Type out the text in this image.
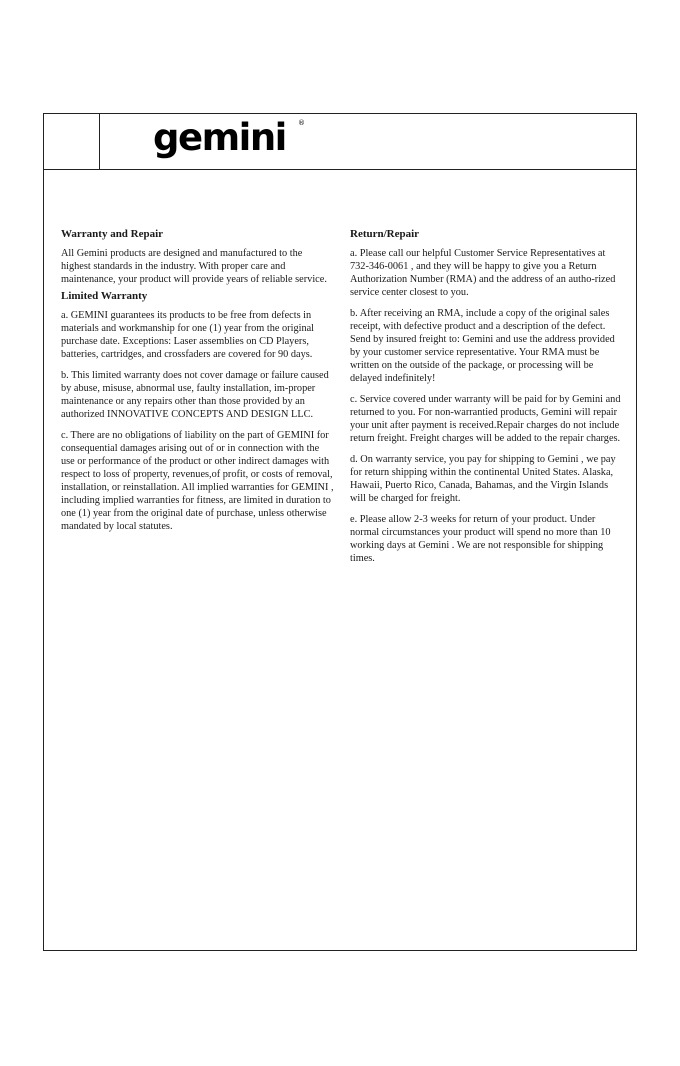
gemini ®
Warranty and Repair
All Gemini products are designed and manufactured to the highest standards in the industry. With proper care and maintenance, your product will provide years of reliable service.
Limited Warranty
a. GEMINI guarantees its products to be free from defects in materials and workmanship for one (1) year from the original purchase date. Exceptions: Laser assemblies on CD Players, batteries, cartridges, and crossfaders are covered for 90 days.
b. This limited warranty does not cover damage or failure caused by abuse, misuse, abnormal use, faulty installation, im-proper maintenance or any repairs other than those provided by an authorized INNOVATIVE CONCEPTS AND DESIGN LLC.
c. There are no obligations of liability on the part of GEMINI for consequential damages arising out of or in connection with the use or performance of the product or other indirect damages with respect to loss of property, revenues,of profit, or costs of removal, installation, or reinstallation. All implied warranties for GEMINI , including implied warranties for fitness, are limited in duration to one (1) year from the original date of purchase, unless otherwise mandated by local statutes.
Return/Repair
a. Please call our helpful Customer Service Representatives at 732-346-0061 , and they will be happy to give you a Return Authorization Number (RMA) and the address of an autho-rized service center closest to you.
b. After receiving an RMA, include a copy of the original sales receipt, with defective product and a description of the defect. Send by insured freight to: Gemini and use the address provided by your customer service representative. Your RMA must be written on the outside of the package, or processing will be delayed indefinitely!
c. Service covered under warranty will be paid for by Gemini and returned to you. For non-warrantied products, Gemini will repair your unit after payment is received.Repair charges do not include return freight. Freight charges will be added to the repair charges.
d. On warranty service, you pay for shipping to Gemini , we pay for return shipping within the continental United States. Alaska, Hawaii, Puerto Rico, Canada, Bahamas, and the Virgin Islands will be charged for freight.
e. Please allow 2-3 weeks for return of your product. Under normal circumstances your product will spend no more than 10 working days at Gemini . We are not responsible for shipping times.
